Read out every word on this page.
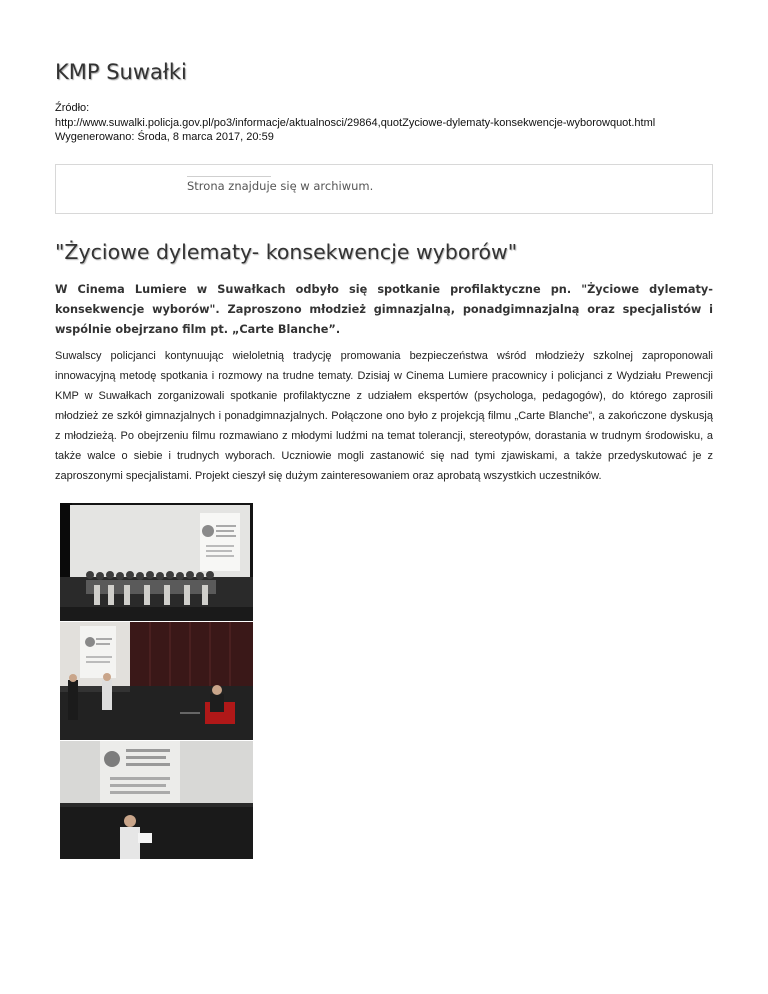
KMP Suwałki
Źródło:
http://www.suwalki.policja.gov.pl/po3/informacje/aktualnosci/29864,quotZyciowe-dylematy-konsekwencje-wyborowquot.html
Wygenerowano: Środa, 8 marca 2017, 20:59
Strona znajduje się w archiwum.
"Życiowe dylematy- konsekwencje wyborów"

W Cinema Lumiere w Suwałkach odbyło się spotkanie profilaktyczne pn. "Życiowe dylematy-konsekwencje wyborów". Zaproszono młodzież gimnazjalną, ponadgimnazjalną oraz specjalistów i wspólnie obejrzano film pt. „Carte Blanche”.

Suwalscy policjanci kontynuując wieloletnią tradycję promowania bezpieczeństwa wśród młodzieży szkolnej zaproponowali innowacyjną metodę spotkania i rozmowy na trudne tematy. Dzisiaj w Cinema Lumiere pracownicy i policjanci z Wydziału Prewencji KMP w Suwałkach zorganizowali spotkanie profilaktyczne z udziałem ekspertów (psychologa, pedagogów), do którego zaprosili młodzież ze szkół gimnazjalnych i ponadgimnazjalnych. Połączone ono było z projekcją filmu „Carte Blanche”, a zakończone dyskusją z młodzieżą. Po obejrzeniu filmu rozmawiano z młodymi ludźmi na temat tolerancji, stereotypów, dorastania w trudnym środowisku, a także walce o siebie i trudnych wyborach. Uczniowie mogli zastanowić się nad tymi zjawiskami, a także przedyskutować je z zaproszonymi specjalistami. Projekt cieszył się dużym zainteresowaniem oraz aprobatą wszystkich uczestników.
